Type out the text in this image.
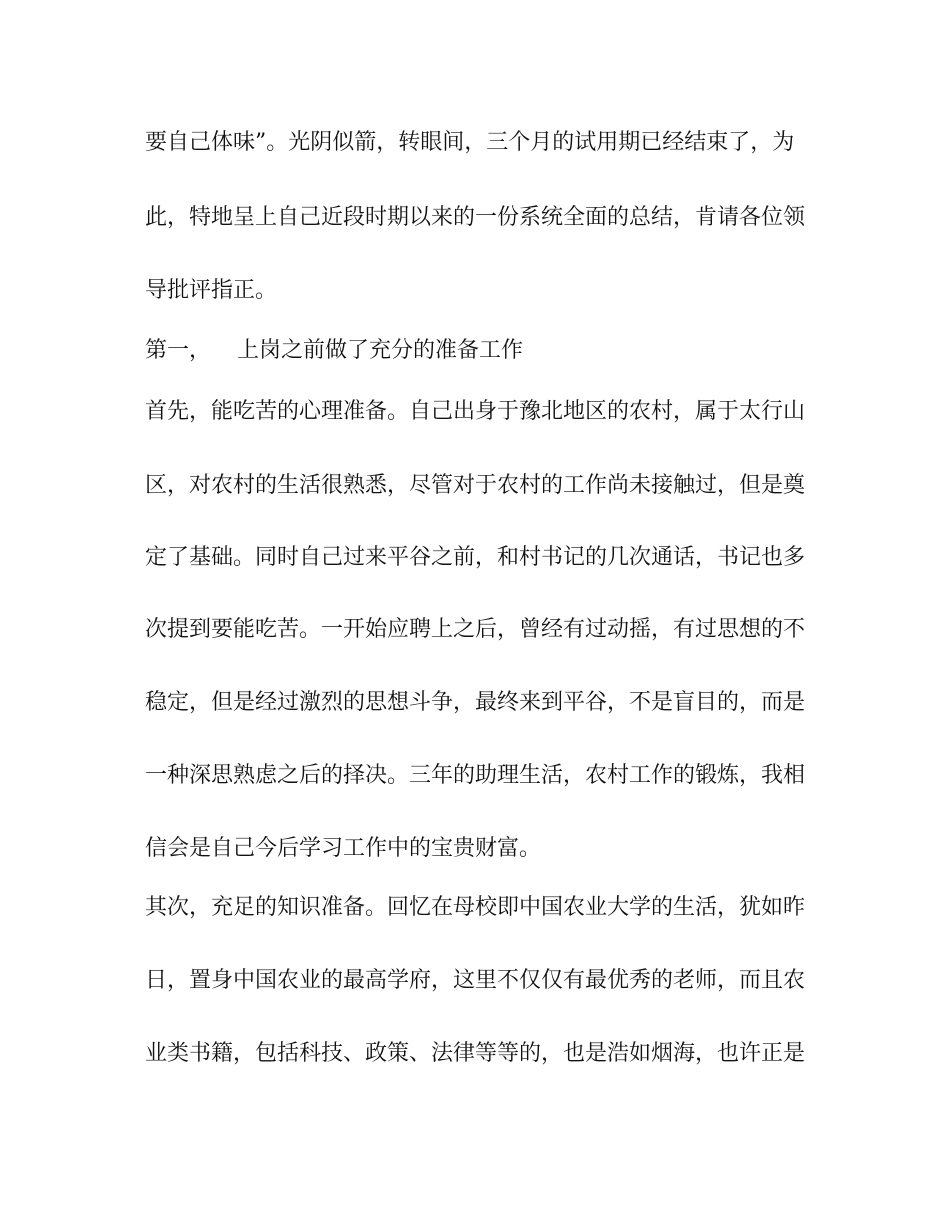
要自己体味”。光阴似箭，转眼间，三个月的试用期已经结束了，为
此，特地呈上自己近段时期以来的一份系统全面的总结，肯请各位领
导批评指正。
第一， 上岗之前做了充分的准备工作
首先，能吃苦的心理准备。自己出身于豫北地区的农村，属于太行山
区，对农村的生活很熟悉，尽管对于农村的工作尚未接触过，但是奠
定了基础。同时自己过来平谷之前，和村书记的几次通话，书记也多
次提到要能吃苦。一开始应聘上之后，曾经有过动摇，有过思想的不
稳定，但是经过激烈的思想斗争，最终来到平谷，不是盲目的，而是
一种深思熟虑之后的择决。三年的助理生活，农村工作的锻炼，我相
信会是自己今后学习工作中的宝贵财富。
其次，充足的知识准备。回忆在母校即中国农业大学的生活，犹如昨
日，置身中国农业的最高学府，这里不仅仅有最优秀的老师，而且农
业类书籍，包括科技、政策、法律等等的，也是浩如烟海，也许正是
